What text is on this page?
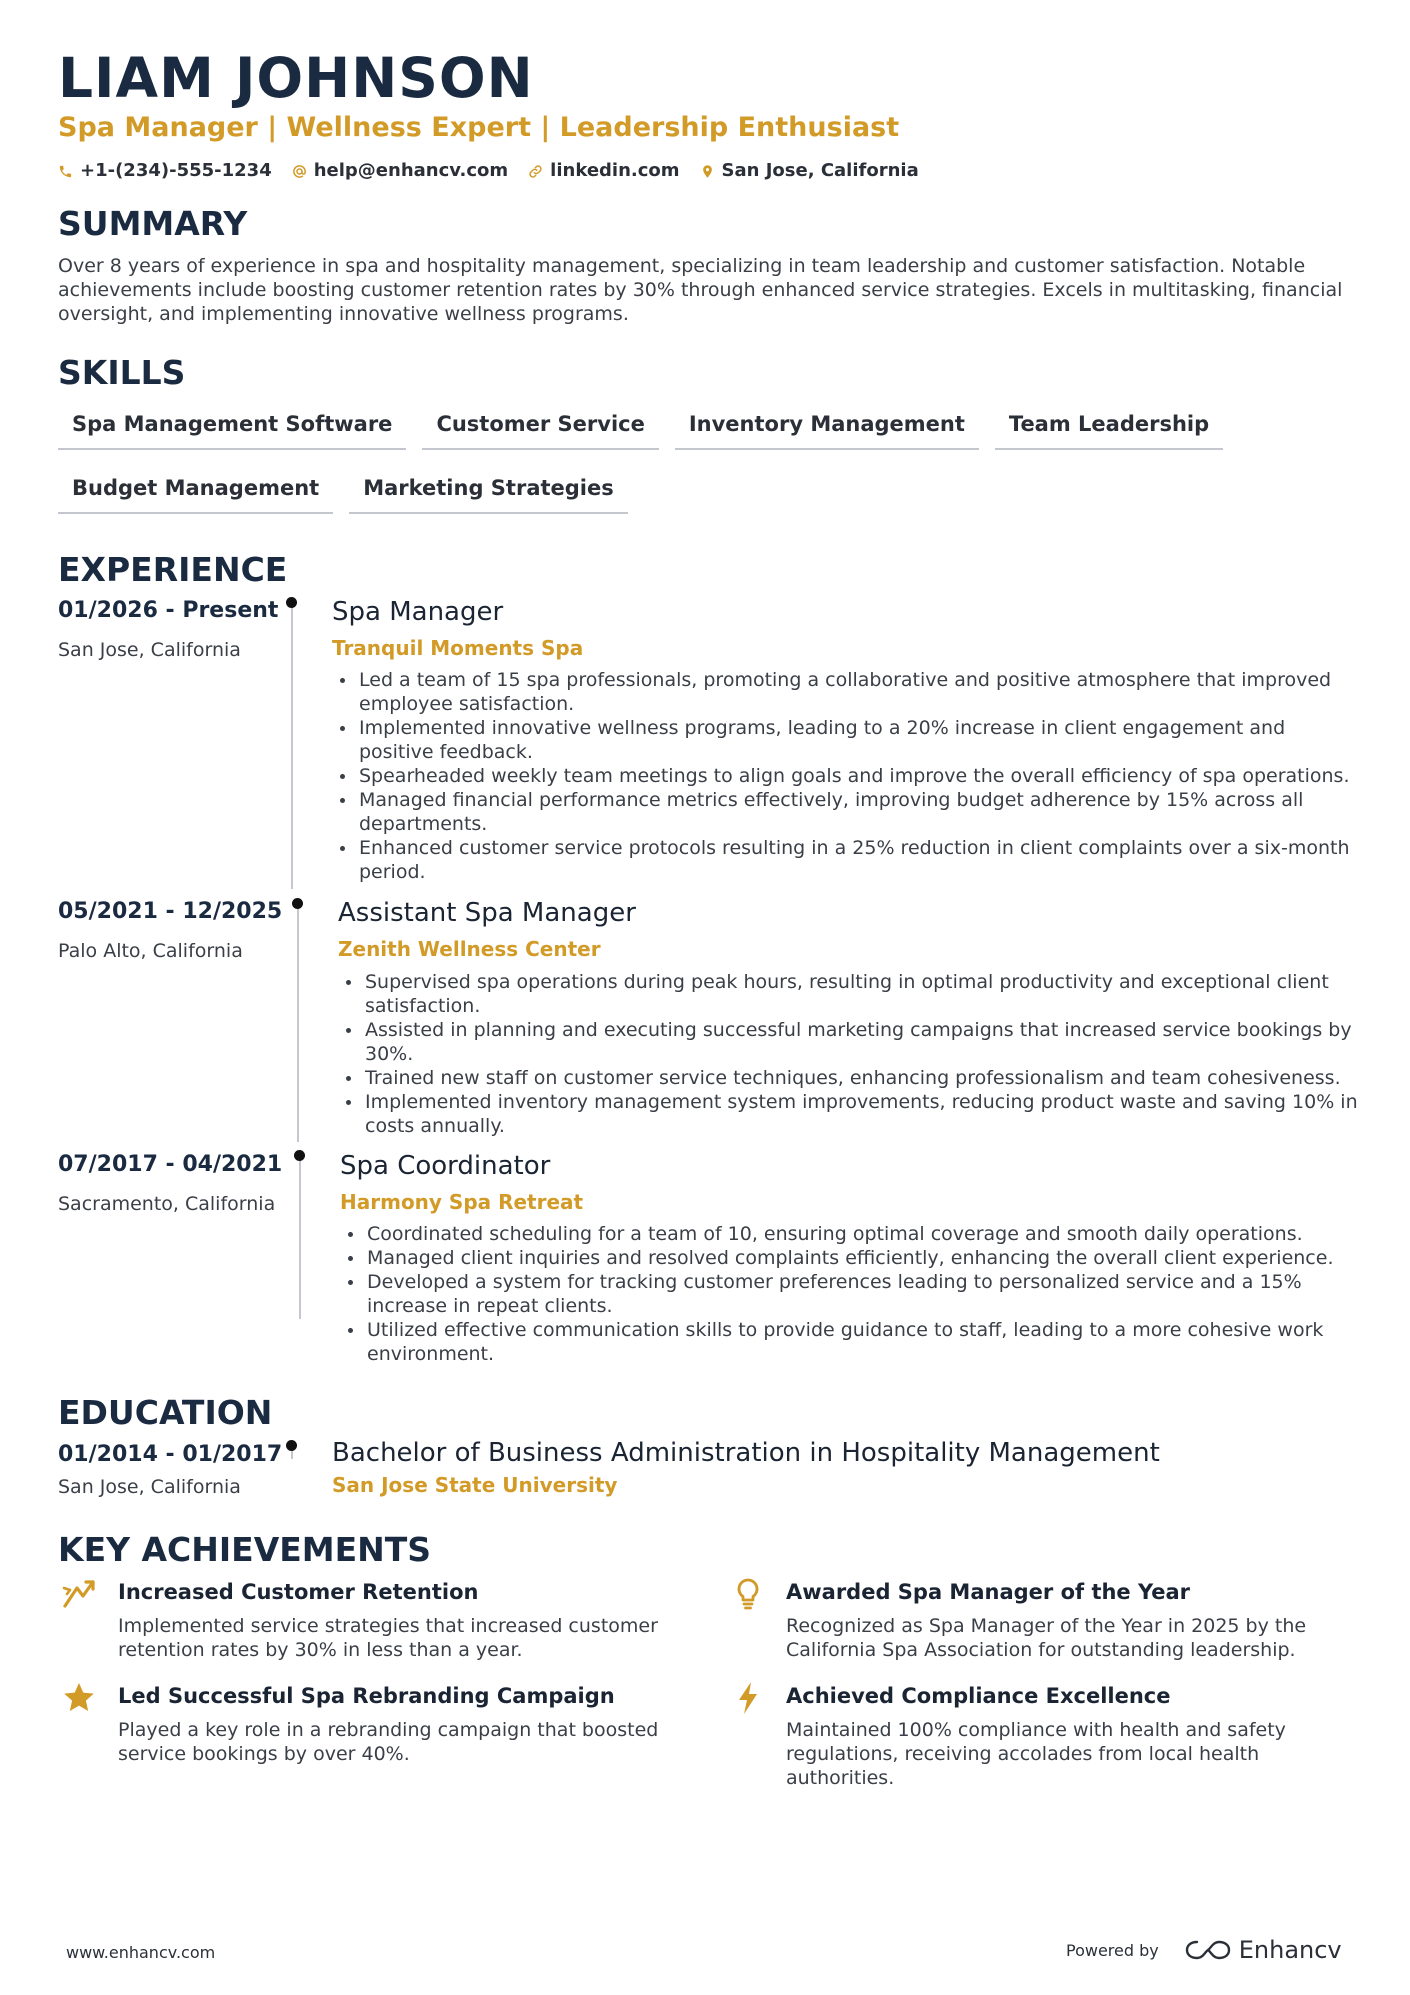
LIAM JOHNSON
Spa Manager | Wellness Expert | Leadership Enthusiast
+1-(234)-555-1234 help@enhancv.com linkedin.com San Jose, California
SUMMARY
Over 8 years of experience in spa and hospitality management, specializing in team leadership and customer satisfaction. Notable achievements include boosting customer retention rates by 30% through enhanced service strategies. Excels in multitasking, financial oversight, and implementing innovative wellness programs.
SKILLS
Spa Management Software	Customer Service	Inventory Management	Team Leadership
Budget Management	Marketing Strategies
EXPERIENCE
01/2026 - Present
San Jose, California
Spa Manager
Tranquil Moments Spa
Led a team of 15 spa professionals, promoting a collaborative and positive atmosphere that improved employee satisfaction.
Implemented innovative wellness programs, leading to a 20% increase in client engagement and positive feedback.
Spearheaded weekly team meetings to align goals and improve the overall efficiency of spa operations.
Managed financial performance metrics effectively, improving budget adherence by 15% across all departments.
Enhanced customer service protocols resulting in a 25% reduction in client complaints over a six-month period.
05/2021 - 12/2025
Palo Alto, California
Assistant Spa Manager
Zenith Wellness Center
Supervised spa operations during peak hours, resulting in optimal productivity and exceptional client satisfaction.
Assisted in planning and executing successful marketing campaigns that increased service bookings by 30%.
Trained new staff on customer service techniques, enhancing professionalism and team cohesiveness.
Implemented inventory management system improvements, reducing product waste and saving 10% in costs annually.
07/2017 - 04/2021
Sacramento, California
Spa Coordinator
Harmony Spa Retreat
Coordinated scheduling for a team of 10, ensuring optimal coverage and smooth daily operations.
Managed client inquiries and resolved complaints efficiently, enhancing the overall client experience.
Developed a system for tracking customer preferences leading to personalized service and a 15% increase in repeat clients.
Utilized effective communication skills to provide guidance to staff, leading to a more cohesive work environment.
EDUCATION
01/2014 - 01/2017
San Jose, California
Bachelor of Business Administration in Hospitality Management
San Jose State University
KEY ACHIEVEMENTS
Increased Customer Retention
Implemented service strategies that increased customer retention rates by 30% in less than a year.
Awarded Spa Manager of the Year
Recognized as Spa Manager of the Year in 2025 by the California Spa Association for outstanding leadership.
Led Successful Spa Rebranding Campaign
Played a key role in a rebranding campaign that boosted service bookings by over 40%.
Achieved Compliance Excellence
Maintained 100% compliance with health and safety regulations, receiving accolades from local health authorities.
www.enhancv.com	Powered by	Enhancv
